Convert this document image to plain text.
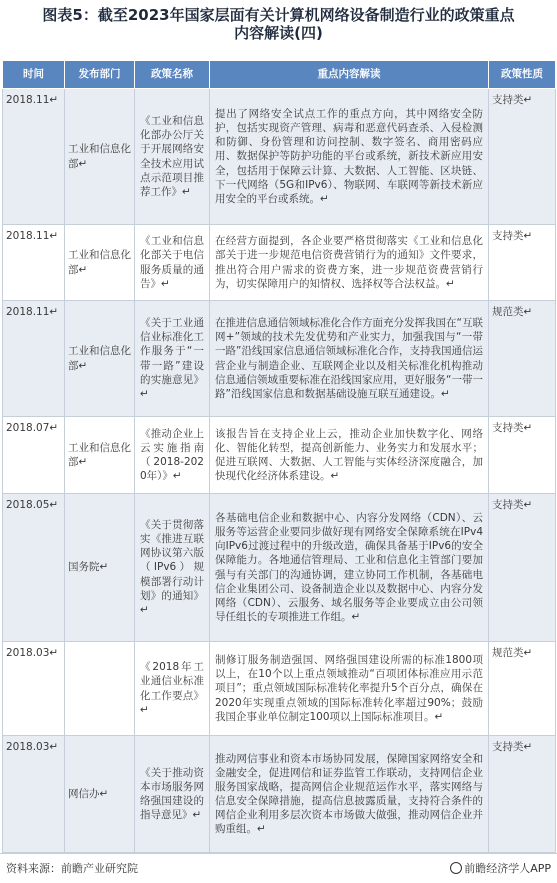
图表5：截至2023年国家层面有关计算机网络设备制造行业的政策重点
内容解读(四)
时间	发布部门	政策名称	重点内容解读	政策性质
2018.11↵	工业和信息化部↵	《工业和信息化部办公厅关于开展网络安全技术应用试点示范项目推荐工作》↵	提出了网络安全试点工作的重点方向，其中网络安全防护，包括实现资产管理、病毒和恶意代码查杀、入侵检测和防御、身份管理和访问控制、数字签名、商用密码应用、数据保护等防护功能的平台或系统，新技术新应用安全，包括用于保障云计算、大数据、人工智能、区块链、下一代网络（5G和IPv6）、物联网、车联网等新技术新应用安全的平台或系统。↵	支持类↵
2018.11↵	工业和信息化部↵	《工业和信息化部关于电信服务质量的通告》↵	在经营方面提到，各企业要严格贯彻落实《工业和信息化部关于进一步规范电信资费营销行为的通知》文件要求，推出符合用户需求的资费方案，进一步规范资费营销行为，切实保障用户的知情权、选择权等合法权益。↵	支持类↵
2018.11↵	工业和信息化部↵	《关于工业通信业标准化工作服务于“一带一路”建设的实施意见》↵	在推进信息通信领域标准化合作方面充分发挥我国在“互联网+”领域的技术先发优势和产业实力，加强我国与“一带一路”沿线国家信息通信领域标准化合作，支持我国通信运营企业与制造企业、互联网企业以及相关标准化机构推动信息通信领域重要标准在沿线国家应用，更好服务“一带一路”沿线国家信息和数据基础设施互联互通建设。↵	规范类↵
2018.07↵	工业和信息化部↵	《推动企业上云实施指南（2018-2020年）》↵	该报告旨在支持企业上云，推动企业加快数字化、网络化、智能化转型，提高创新能力、业务实力和发展水平；促进互联网、大数据、人工智能与实体经济深度融合，加快现代化经济体系建设。↵	支持类↵
2018.05↵	国务院↵	《关于贯彻落实《推进互联网协议第六版（IPv6）规模部署行动计划》的通知》↵	各基础电信企业和数据中心、内容分发网络（CDN）、云服务等运营企业要同步做好现有网络安全保障系统在IPv4向IPv6过渡过程中的升级改造，确保具备基于IPv6的安全保障能力。各地通信管理局、工业和信息化主管部门要加强与有关部门的沟通协调，建立协同工作机制，各基础电信企业集团公司、设备制造企业以及数据中心、内容分发网络（CDN）、云服务、域名服务等企业要成立由公司领导任组长的专项推进工作组。↵	支持类↵
2018.03↵		《2018年工业通信业标准化工作要点》↵	制修订服务制造强国、网络强国建设所需的标准1800项以上，在10个以上重点领域推动“百项团体标准应用示范项目”；重点领域国际标准转化率提升5个百分点，确保在2020年实现重点领域的国际标准转化率超过90%；鼓励我国企事业单位制定100项以上国际标准项目。↵	规范类↵
2018.03↵	网信办↵	《关于推动资本市场服务网络强国建设的指导意见》↵	推动网信事业和资本市场协同发展，保障国家网络安全和金融安全，促进网信和证券监管工作联动，支持网信企业服务国家战略，提高网信企业规范运作水平，落实网络与信息安全保障措施，提高信息披露质量，支持符合条件的网信企业利用多层次资本市场做大做强，推动网信企业并购重组。↵	支持类↵
资料来源：前瞻产业研究院	前瞻经济学人APP
